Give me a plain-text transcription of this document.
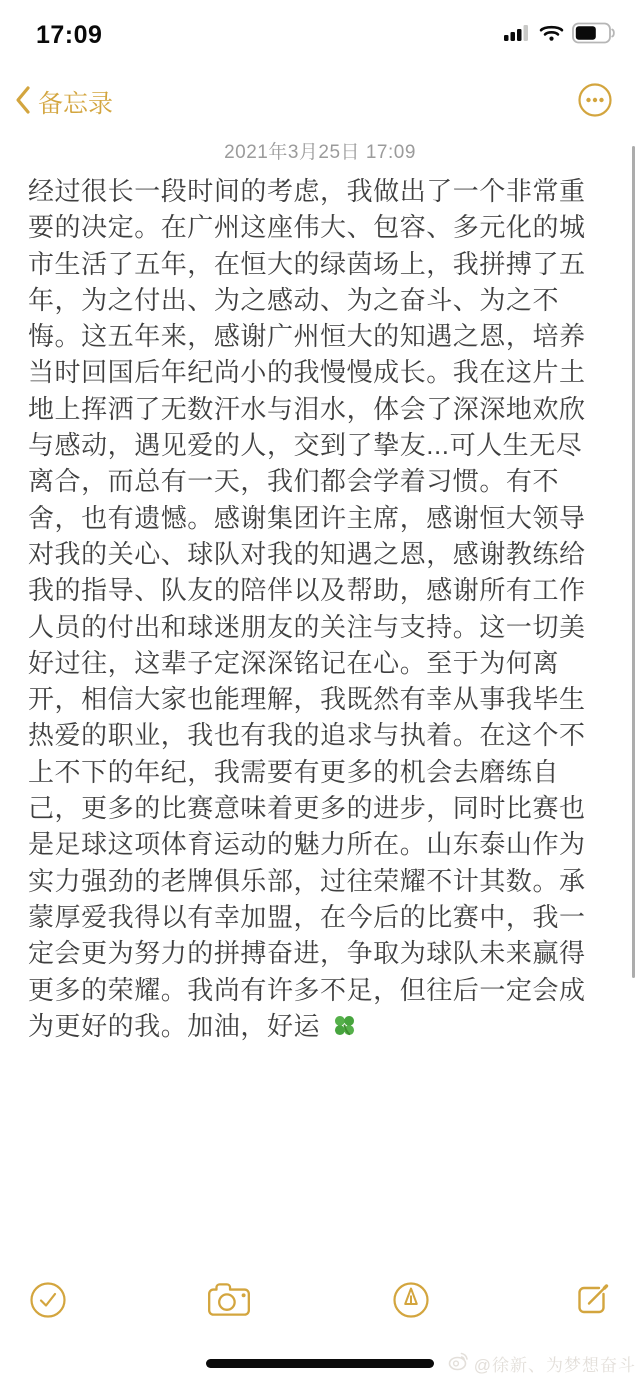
17:09
备忘录
2021年3月25日 17:09
经过很长一段时间的考虑，我做出了一个非常重
要的决定。在广州这座伟大、包容、多元化的城
市生活了五年，在恒大的绿茵场上，我拼搏了五
年，为之付出、为之感动、为之奋斗、为之不
悔。这五年来，感谢广州恒大的知遇之恩，培养
当时回国后年纪尚小的我慢慢成长。我在这片土
地上挥洒了无数汗水与泪水，体会了深深地欢欣
与感动，遇见爱的人，交到了挚友...可人生无尽
离合，而总有一天，我们都会学着习惯。有不
舍，也有遗憾。感谢集团许主席，感谢恒大领导
对我的关心、球队对我的知遇之恩，感谢教练给
我的指导、队友的陪伴以及帮助，感谢所有工作
人员的付出和球迷朋友的关注与支持。这一切美
好过往，这辈子定深深铭记在心。至于为何离
开，相信大家也能理解，我既然有幸从事我毕生
热爱的职业，我也有我的追求与执着。在这个不
上不下的年纪，我需要有更多的机会去磨练自
己，更多的比赛意味着更多的进步，同时比赛也
是足球这项体育运动的魅力所在。山东泰山作为
实力强劲的老牌俱乐部，过往荣耀不计其数。承
蒙厚爱我得以有幸加盟，在今后的比赛中，我一
定会更为努力的拼搏奋进，争取为球队未来赢得
更多的荣耀。我尚有许多不足，但往后一定会成
为更好的我。加油，好运
@徐新、为梦想奋斗
